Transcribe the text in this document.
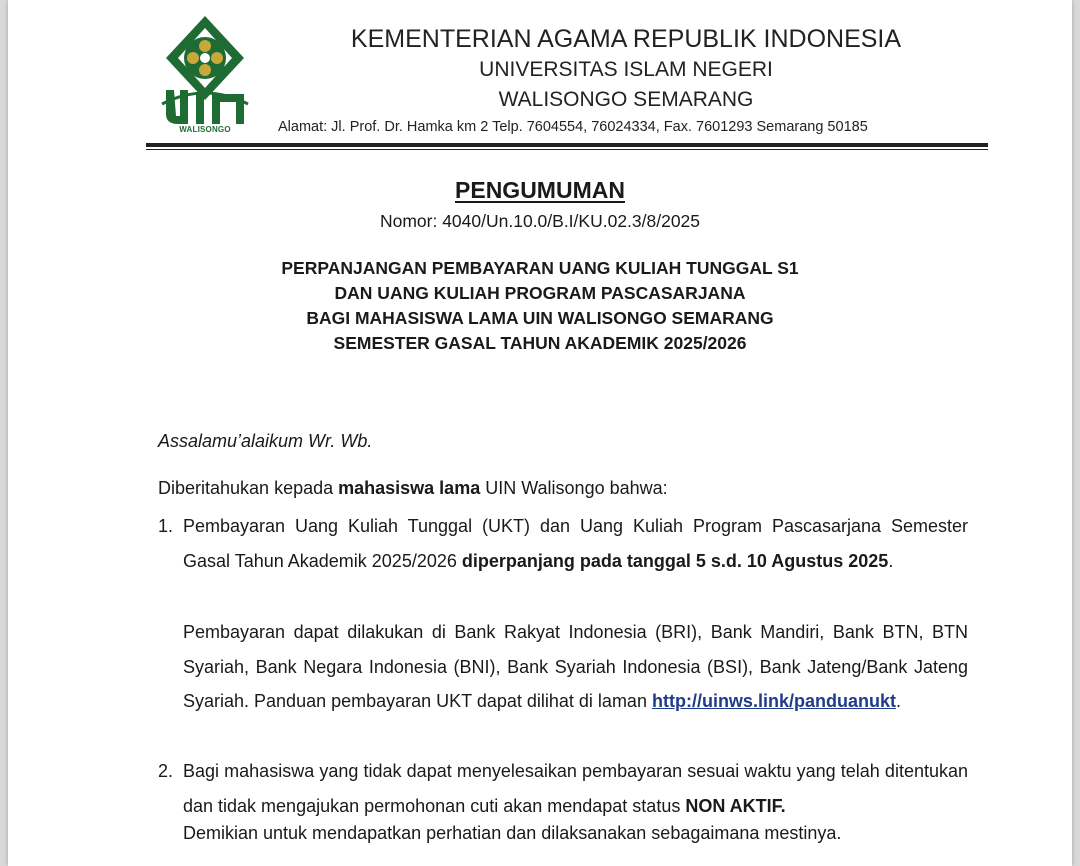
WALISONGO
KEMENTERIAN AGAMA REPUBLIK INDONESIA
UNIVERSITAS ISLAM NEGERI
WALISONGO SEMARANG
Alamat: Jl. Prof. Dr. Hamka km 2 Telp. 7604554, 76024334, Fax. 7601293 Semarang 50185
PENGUMUMAN
Nomor: 4040/Un.10.0/B.I/KU.02.3/8/2025
PERPANJANGAN PEMBAYARAN UANG KULIAH TUNGGAL S1
DAN UANG KULIAH PROGRAM PASCASARJANA
BAGI MAHASISWA LAMA UIN WALISONGO SEMARANG
SEMESTER GASAL TAHUN AKADEMIK 2025/2026
Assalamu’alaikum Wr. Wb.
Diberitahukan kepada mahasiswa lama UIN Walisongo bahwa:
1. Pembayaran Uang Kuliah Tunggal (UKT) dan Uang Kuliah Program Pascasarjana Semester Gasal Tahun Akademik 2025/2026 diperpanjang pada tanggal 5 s.d. 10 Agustus 2025.
Pembayaran dapat dilakukan di Bank Rakyat Indonesia (BRI), Bank Mandiri, Bank BTN, BTN Syariah, Bank Negara Indonesia (BNI), Bank Syariah Indonesia (BSI), Bank Jateng/Bank Jateng Syariah. Panduan pembayaran UKT dapat dilihat di laman http://uinws.link/panduanukt.
2. Bagi mahasiswa yang tidak dapat menyelesaikan pembayaran sesuai waktu yang telah ditentukan dan tidak mengajukan permohonan cuti akan mendapat status NON AKTIF.
Demikian untuk mendapatkan perhatian dan dilaksanakan sebagaimana mestinya.
